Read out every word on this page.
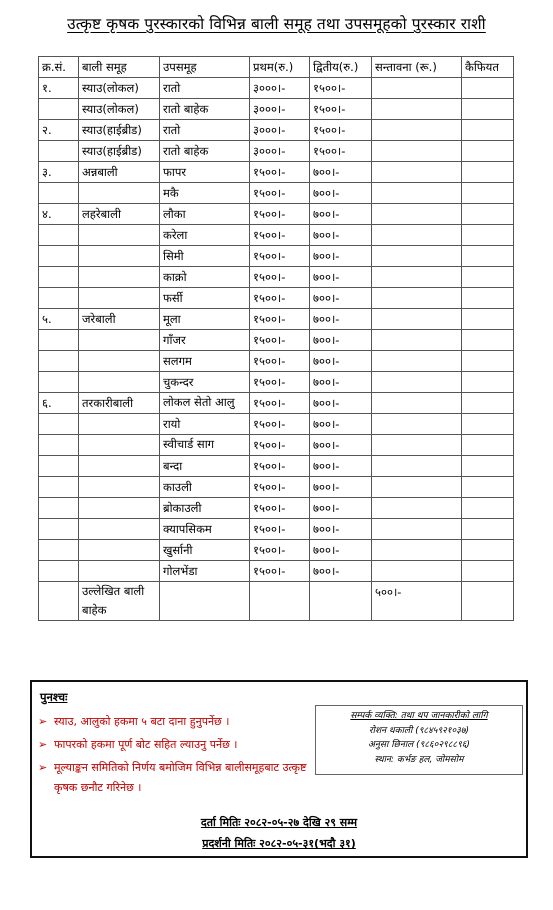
उत्कृष्ट कृषक पुरस्कारको विभिन्न बाली समूह तथा उपसमूहको पुरस्कार राशी
क्र.सं.	बाली समूह	उपसमूह	प्रथम(रु.)	द्वितीय(रु.)	सन्तावना (रू.)	कैफियत
१.	स्याउ(लोकल)	रातो	३०००।-	१५००।-		
	स्याउ(लोकल)	रातो बाहेक	३०००।-	१५००।-		
२.	स्याउ(हाईब्रीड)	रातो	३०००।-	१५००।-		
	स्याउ(हाईब्रीड)	रातो बाहेक	३०००।-	१५००।-		
३.	अन्नबाली	फापर	१५००।-	७००।-		
		मकै	१५००।-	७००।-		
४.	लहरेबाली	लौका	१५००।-	७००।-		
		करेला	१५००।-	७००।-		
		सिमी	१५००।-	७००।-		
		काक्रो	१५००।-	७००।-		
		फर्सी	१५००।-	७००।-		
५.	जरेबाली	मूला	१५००।-	७००।-		
		गाँजर	१५००।-	७००।-		
		सलगम	१५००।-	७००।-		
		चुकन्दर	१५००।-	७००।-		
६.	तरकारीबाली	लोकल सेतो आलु	१५००।-	७००।-		
		रायो	१५००।-	७००।-		
		स्वीचार्ड साग	१५००।-	७००।-		
		बन्दा	१५००।-	७००।-		
		काउली	१५००।-	७००।-		
		ब्रोकाउली	१५००।-	७००।-		
		क्यापसिकम	१५००।-	७००।-		
		खुर्सानी	१५००।-	७००।-		
		गोलभेंडा	१५००।-	७००।-		
	उल्लेखित बाली बाहेक				५००।-	
पुनश्चः
➢ स्याउ, आलुको हकमा ५ बटा दाना हुनुपर्नेछ ।
➢ फापरको हकमा पूर्ण बोट सहित ल्याउनु पर्नेछ ।
➢ मूल्याङ्कन समितिको निर्णय बमोजिम विभिन्न बालीसमूहबाट उत्कृष्ट कृषक छनौट गरिनेछ ।
सम्पर्क व्यक्ति: तथा थप जानकारीको लागि
रोशन थकाली (९८४५९२१०३७)
अनुसा छिनाल (९८६०२९८८९६)
स्थान: कर्भङ हल, जोमसोम
दर्ता मितिः २०८२-०५-२७ देखि २९ सम्म
प्रदर्शनी मितिः २०८२-०५-३१(भदौ ३१)
